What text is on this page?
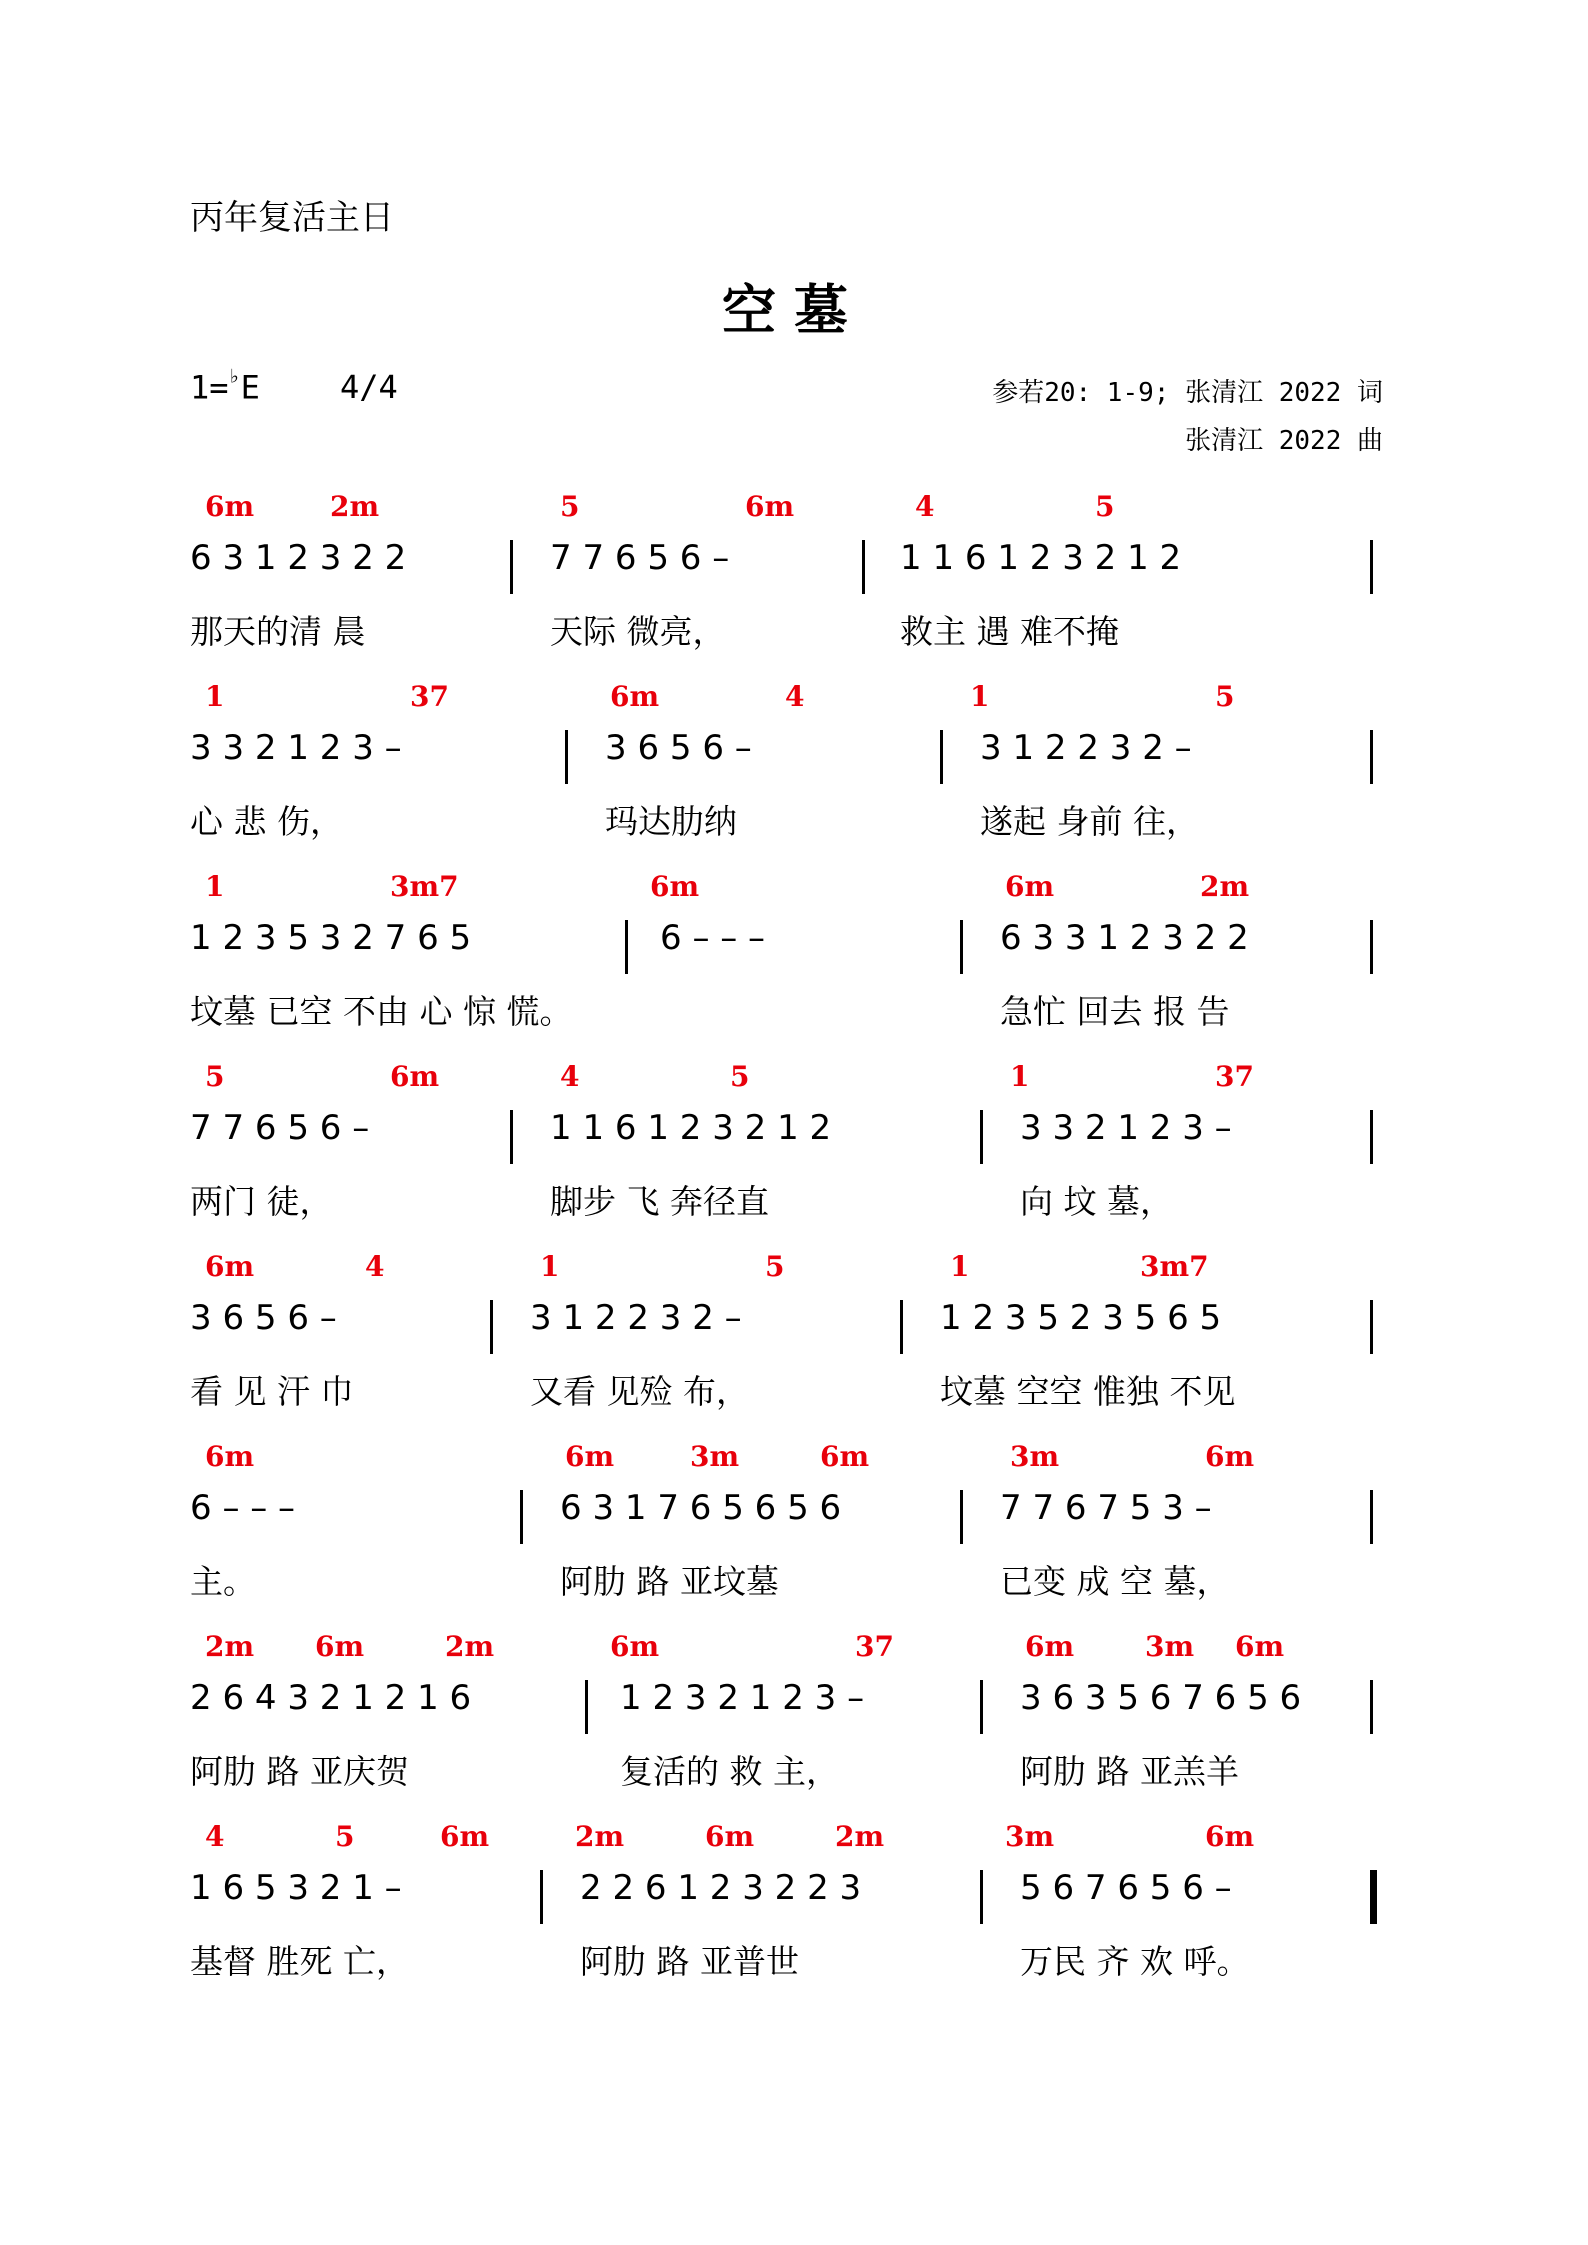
丙年复活主日
空墓
1=♭E	4/4	参若20: 1-9; 张清江 2022 词
张清江 2022 曲
6m	2m	5	6m	4	5
6 3 1 2 3 2 2	7 7 6 5 6 –	1 1 6 1 2 3 2 1 2
那天的清 晨	天际 微亮，	救主 遇 难不掩
1	37	6m	4	1	5
3 3 2 1 2 3 –	3 6 5 6 –	3 1 2 2 3 2 –
心 悲 伤，	玛达肋纳	遂起 身前 往，
1	3m7	6m	6m	2m
1 2 3 5 3 2 7 6 5	6 – – –	6 3 3 1 2 3 2 2
坟墓 已空 不由 心 惊 慌。	急忙 回去 报 告
5	6m	4	5	1	37
7 7 6 5 6 –	1 1 6 1 2 3 2 1 2	3 3 2 1 2 3 –
两门 徒，	脚步 飞 奔径直	向 坟 墓，
6m	4	1	5	1	3m7
3 6 5 6 –	3 1 2 2 3 2 –	1 2 3 5 2 3 5 6 5
看 见 汗 巾	又看 见殓 布，	坟墓 空空 惟独 不见
6m	6m	3m	6m	3m	6m
6 – – –	6 3 1 7 6 5 6 5 6	7 7 6 7 5 3 –
主。	阿肋 路 亚坟墓	已变 成 空 墓，
2m 6m	2m	6m	37	6m	3m 6m
2 6 4 3 2 1 2 1 6	1 2 3 2 1 2 3 –	3 6 3 5 6 7 6 5 6
阿肋 路 亚庆贺	复活的 救 主，	阿肋 路 亚羔羊
4	5	6m	2m	6m	2m	3m	6m
1 6 5 3 2 1 –	2 2 6 1 2 3 2 2 3	5 6 7 6 5 6 –
基督 胜死 亡，	阿肋 路 亚普世	万民 齐 欢 呼。
